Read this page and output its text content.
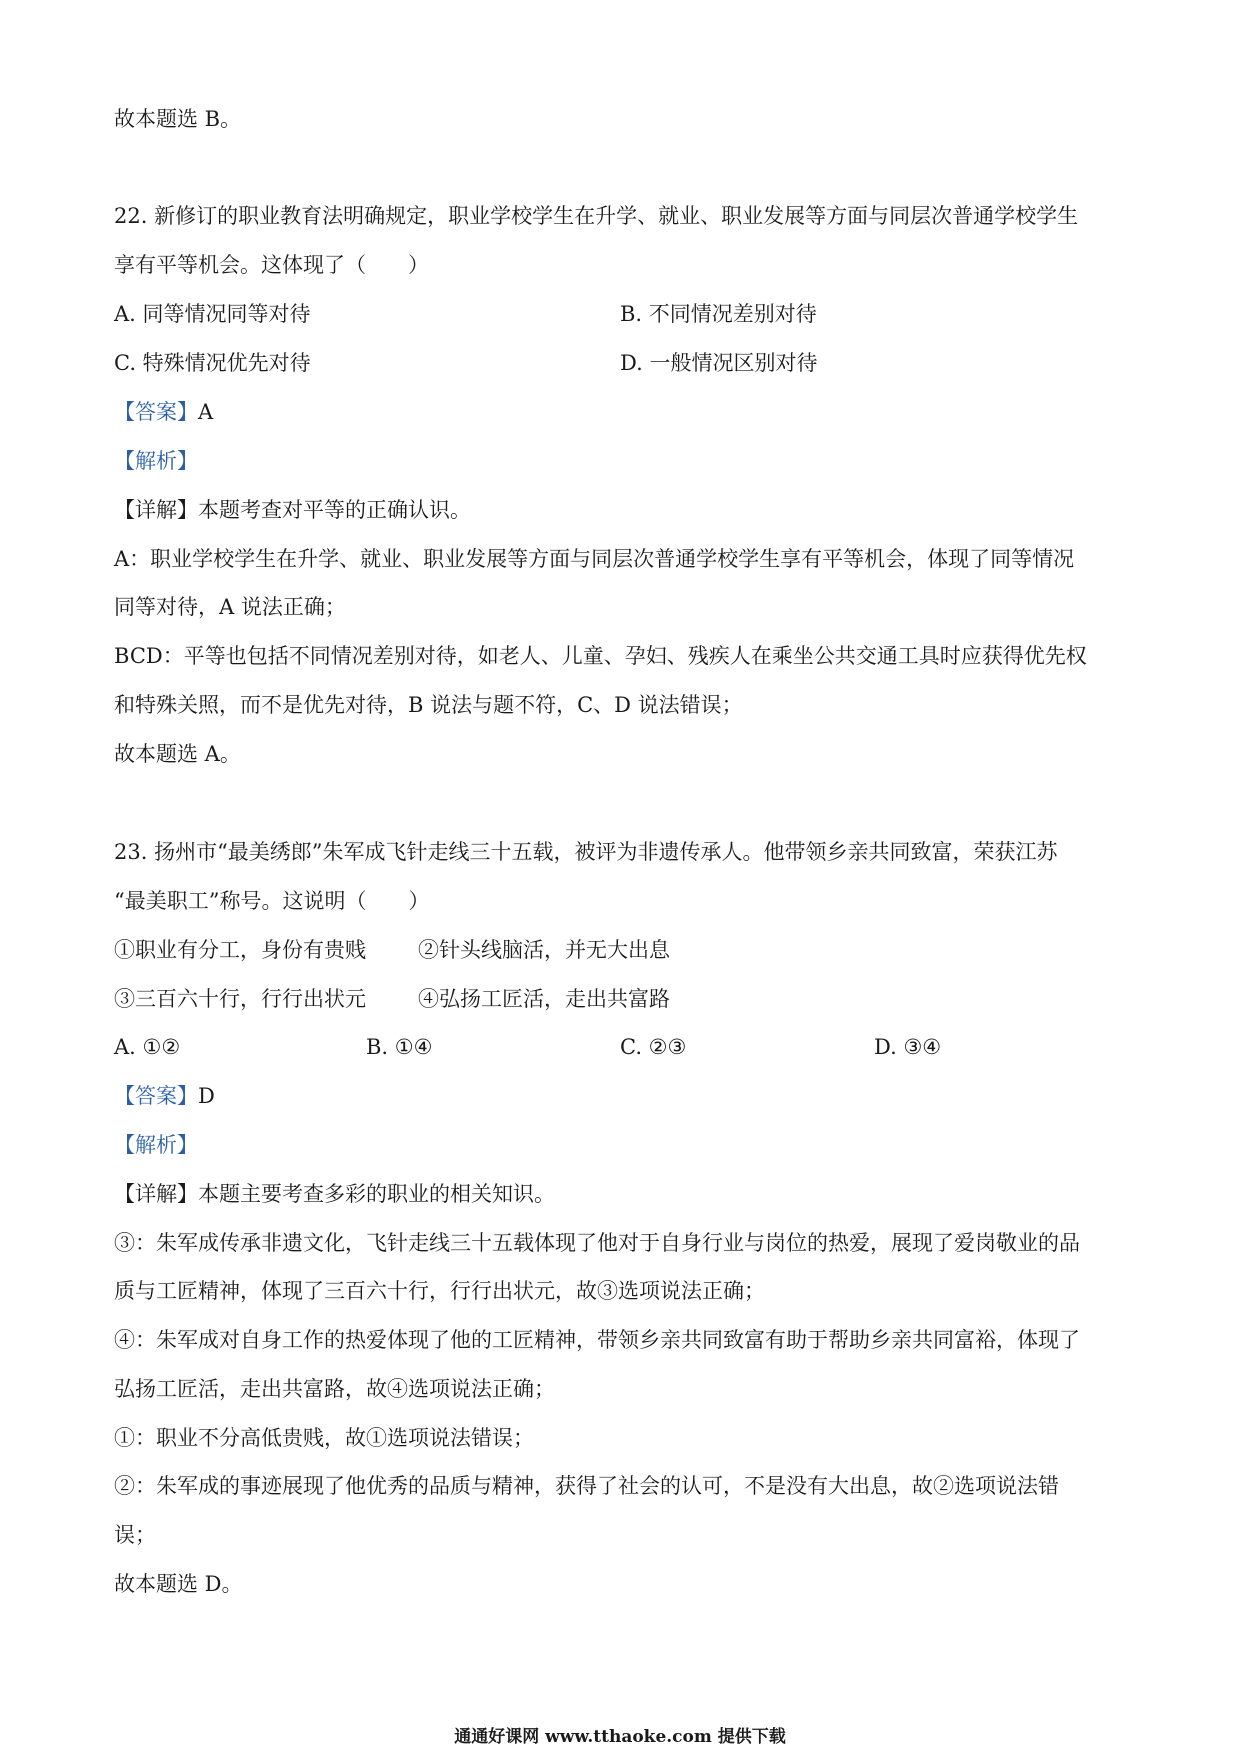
故本题选 B。
22. 新修订的职业教育法明确规定，职业学校学生在升学、就业、职业发展等方面与同层次普通学校学生
享有平等机会。这体现了（　　）
A. 同等情况同等对待	B. 不同情况差别对待
C. 特殊情况优先对待	D. 一般情况区别对待
【答案】A
【解析】
【详解】本题考查对平等的正确认识。
A：职业学校学生在升学、就业、职业发展等方面与同层次普通学校学生享有平等机会，体现了同等情况
同等对待，A 说法正确；
BCD：平等也包括不同情况差别对待，如老人、儿童、孕妇、残疾人在乘坐公共交通工具时应获得优先权
和特殊关照，而不是优先对待，B 说法与题不符，C、D 说法错误；
故本题选 A。
23. 扬州市“最美绣郎”朱军成飞针走线三十五载，被评为非遗传承人。他带领乡亲共同致富，荣获江苏
“最美职工”称号。这说明（　　）
①职业有分工，身份有贵贱 ②针头线脑活，并无大出息
③三百六十行，行行出状元 ④弘扬工匠活，走出共富路
A. ①②	B. ①④	C. ②③	D. ③④
【答案】D
【解析】
【详解】本题主要考查多彩的职业的相关知识。
③：朱军成传承非遗文化，飞针走线三十五载体现了他对于自身行业与岗位的热爱，展现了爱岗敬业的品
质与工匠精神，体现了三百六十行，行行出状元，故③选项说法正确；
④：朱军成对自身工作的热爱体现了他的工匠精神，带领乡亲共同致富有助于帮助乡亲共同富裕，体现了
弘扬工匠活，走出共富路，故④选项说法正确；
①：职业不分高低贵贱，故①选项说法错误；
②：朱军成的事迹展现了他优秀的品质与精神，获得了社会的认可，不是没有大出息，故②选项说法错
误；
故本题选 D。
通通好课网 www.tthaoke.com 提供下载
